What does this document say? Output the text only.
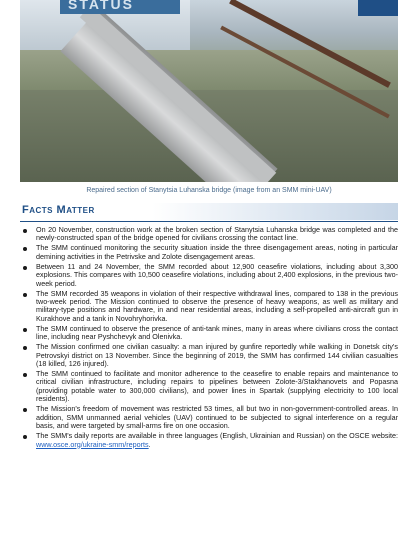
STATUS
Repaired section of Stanytsia Luhanska bridge (image from an SMM mini-UAV)
Facts Matter
On 20 November, construction work at the broken section of Stanytsia Luhanska bridge was completed and the newly-constructed span of the bridge opened for civilians crossing the contact line.
The SMM continued monitoring the security situation inside the three disengagement areas, noting in particular demining activities in the Petrivske and Zolote disengagement areas.
Between 11 and 24 November, the SMM recorded about 12,900 ceasefire violations, including about 3,300 explosions. This compares with 10,500 ceasefire violations, including about 2,400 explosions, in the previous two-week period.
The SMM recorded 35 weapons in violation of their respective withdrawal lines, compared to 138 in the previous two-week period. The Mission continued to observe the presence of heavy weapons, as well as military and military-type positions and hardware, in and near residential areas, including a self-propelled anti-aircraft gun in Kurakhove and a tank in Novohryhorivka.
The SMM continued to observe the presence of anti-tank mines, many in areas where civilians cross the contact line, including near Pyshchevyk and Olenivka.
The Mission confirmed one civilian casualty: a man injured by gunfire reportedly while walking in Donetsk city's Petrovskyi district on 13 November. Since the beginning of 2019, the SMM has confirmed 144 civilian casualties (18 killed, 126 injured).
The SMM continued to facilitate and monitor adherence to the ceasefire to enable repairs and maintenance to critical civilian infrastructure, including repairs to pipelines between Zolote-3/Stakhanovets and Popasna (providing potable water to 300,000 civilians), and power lines in Spartak (supplying electricity to 100 local residents).
The Mission's freedom of movement was restricted 53 times, all but two in non-government-controlled areas. In addition, SMM unmanned aerial vehicles (UAV) continued to be subjected to signal interference on a regular basis, and were targeted by small-arms fire on one occasion.
The SMM's daily reports are available in three languages (English, Ukrainian and Russian) on the OSCE website: www.osce.org/ukraine-smm/reports.
